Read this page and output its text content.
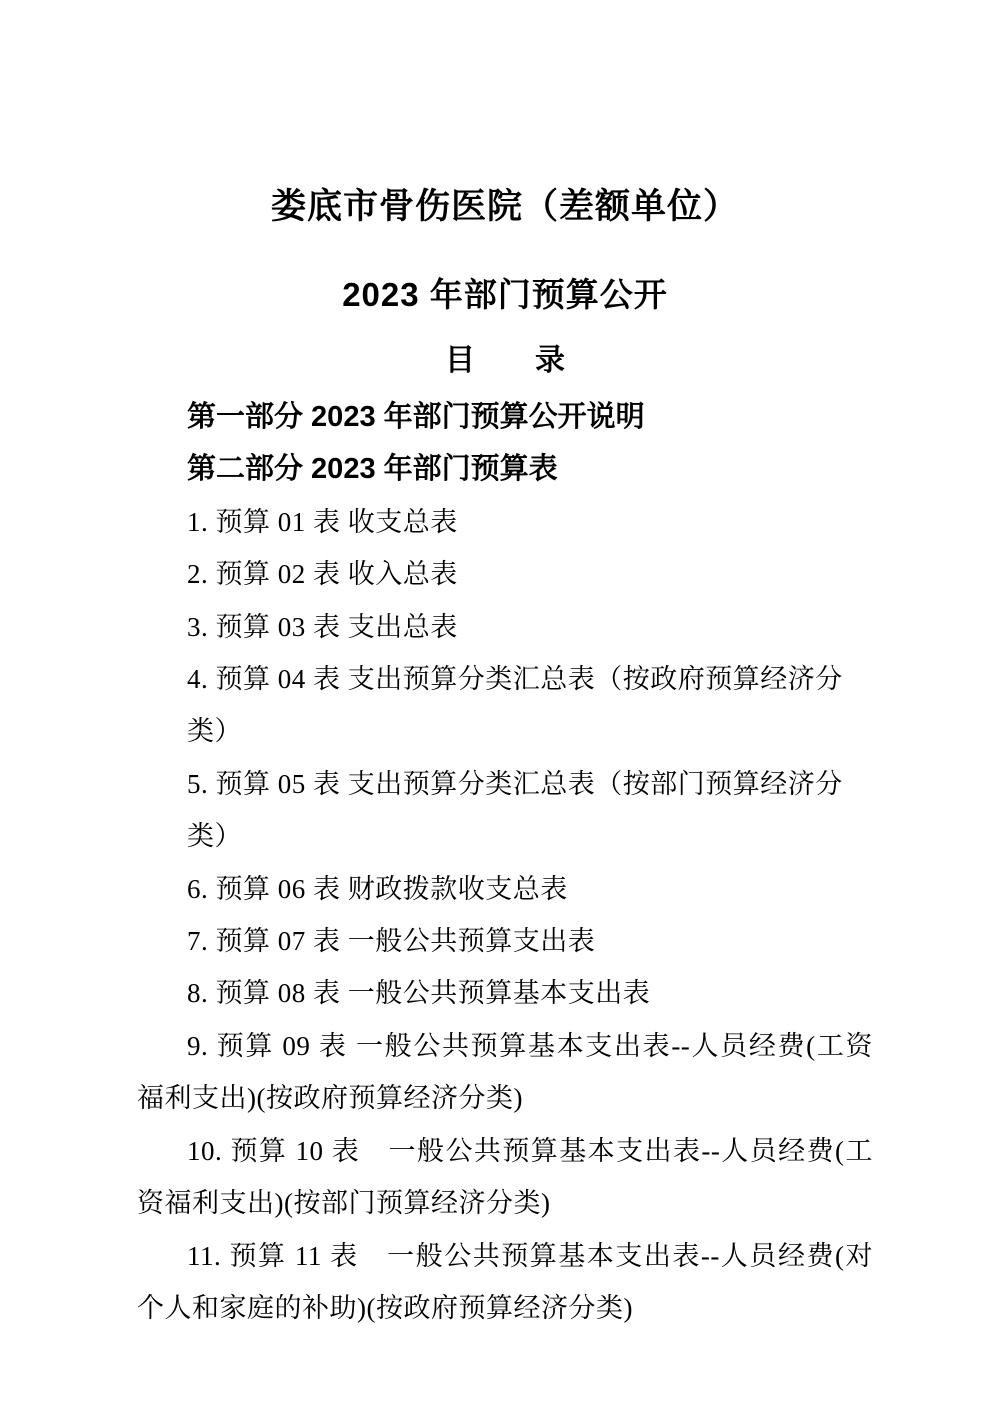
娄底市骨伤医院（差额单位）
2023 年部门预算公开
目　　录
第一部分 2023 年部门预算公开说明
第二部分 2023 年部门预算表
1. 预算 01 表 收支总表
2. 预算 02 表 收入总表
3. 预算 03 表 支出总表
4. 预算 04 表 支出预算分类汇总表（按政府预算经济分类）
5. 预算 05 表 支出预算分类汇总表（按部门预算经济分类）
6. 预算 06 表 财政拨款收支总表
7. 预算 07 表 一般公共预算支出表
8. 预算 08 表 一般公共预算基本支出表
9. 预算 09 表 一般公共预算基本支出表--人员经费(工资
福利支出)(按政府预算经济分类)
10. 预算 10 表　一般公共预算基本支出表--人员经费(工
资福利支出)(按部门预算经济分类)
11. 预算 11 表　一般公共预算基本支出表--人员经费(对
个人和家庭的补助)(按政府预算经济分类)
